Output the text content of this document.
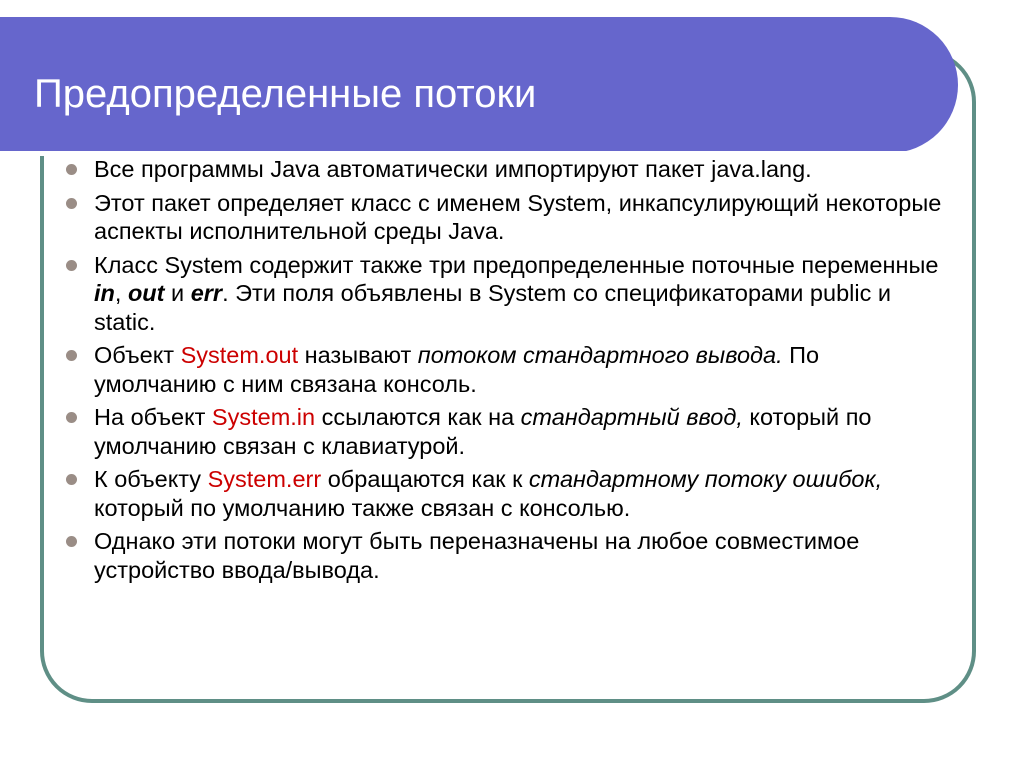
Предопределенные потоки
Все программы Java автоматически импортируют пакет java.lang.
Этот пакет определяет класс с именем System, инкапсулирующий некоторые аспекты исполнительной среды Java.
Класс System содержит также три предопределенные поточные переменные in, out и err. Эти поля объявлены в System со спецификаторами public и static.
Объект System.out называют потоком стандартного вывода. По умолчанию с ним связана консоль.
На объект System.in ссылаются как на стандартный ввод, который по умолчанию связан с клавиатурой.
К объекту System.err обращаются как к стандартному потоку ошибок, который по умолчанию также связан с консолью.
Однако эти потоки могут быть переназначены на любое совместимое устройство ввода/вывода.
